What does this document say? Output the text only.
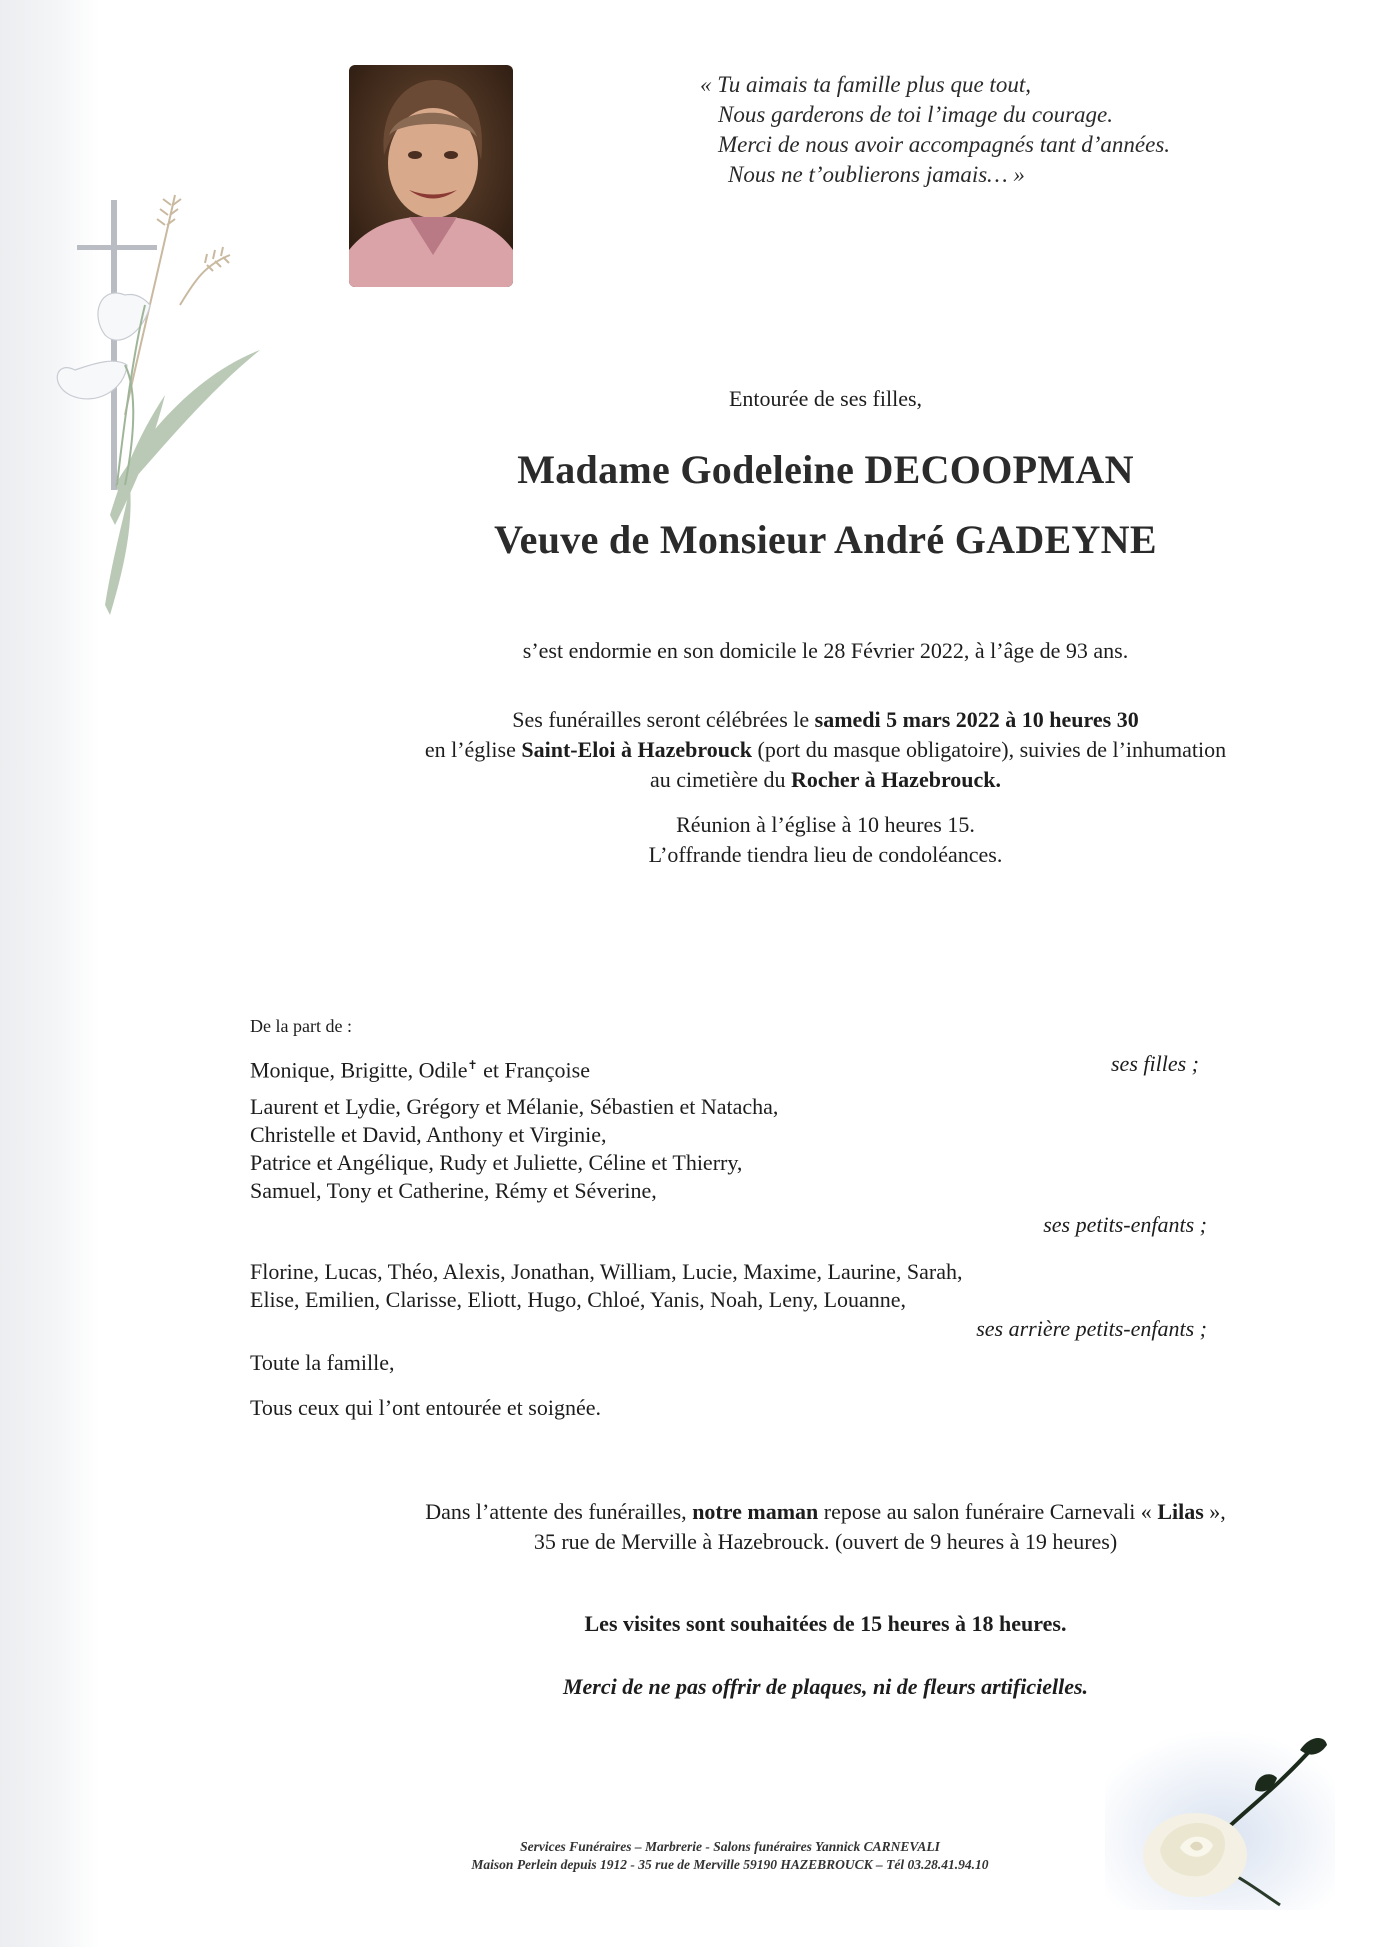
« Tu aimais ta famille plus que tout,
Nous garderons de toi l’image du courage.
Merci de nous avoir accompagnés tant d’années.
Nous ne t’oublierons jamais… »
Entourée de ses filles,
Madame Godeleine DECOOPMAN
Veuve de Monsieur André GADEYNE
s’est endormie en son domicile le 28 Février 2022, à l’âge de 93 ans.
Ses funérailles seront célébrées le samedi 5 mars 2022 à 10 heures 30
en l’église Saint-Eloi à Hazebrouck (port du masque obligatoire), suivies de l’inhumation
au cimetière du Rocher à Hazebrouck.
Réunion à l’église à 10 heures 15.
L’offrande tiendra lieu de condoléances.
De la part de :
Monique, Brigitte, Odile✝ et Françoise	ses filles ;
Laurent et Lydie, Grégory et Mélanie, Sébastien et Natacha,
Christelle et David, Anthony et Virginie,
Patrice et Angélique, Rudy et Juliette, Céline et Thierry,
Samuel, Tony et Catherine, Rémy et Séverine,
ses petits-enfants ;
Florine, Lucas, Théo, Alexis, Jonathan, William, Lucie, Maxime, Laurine, Sarah,
Elise, Emilien, Clarisse, Eliott, Hugo, Chloé, Yanis, Noah, Leny, Louanne,
ses arrière petits-enfants ;
Toute la famille,
Tous ceux qui l’ont entourée et soignée.
Dans l’attente des funérailles, notre maman repose au salon funéraire Carnevali « Lilas »,
35 rue de Merville à Hazebrouck. (ouvert de 9 heures à 19 heures)
Les visites sont souhaitées de 15 heures à 18 heures.
Merci de ne pas offrir de plaques, ni de fleurs artificielles.
Services Funéraires – Marbrerie - Salons funéraires Yannick CARNEVALI
Maison Perlein depuis 1912 - 35 rue de Merville 59190 HAZEBROUCK – Tél 03.28.41.94.10
